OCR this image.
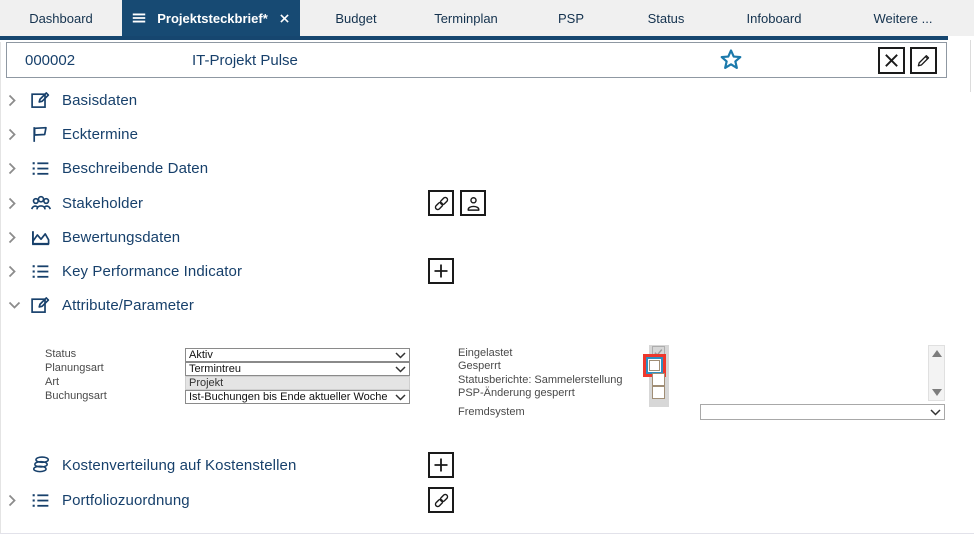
Dashboard	Projektsteckbrief*	Budget	Terminplan	PSP	Status	Infoboard	Weitere ...
000002	IT-Projekt Pulse
Basisdaten
Ecktermine
Beschreibende Daten
Stakeholder
Bewertungsdaten
Key Performance Indicator
Attribute/Parameter
Status	Aktiv
Planungsart	Termintreu
Art	Projekt
Buchungsart	Ist-Buchungen bis Ende aktueller Woche
Eingelastet
Gesperrt
Statusberichte: Sammelerstellung
PSP-Änderung gesperrt
Fremdsystem
Kostenverteilung auf Kostenstellen
Portfoliozuordnung
